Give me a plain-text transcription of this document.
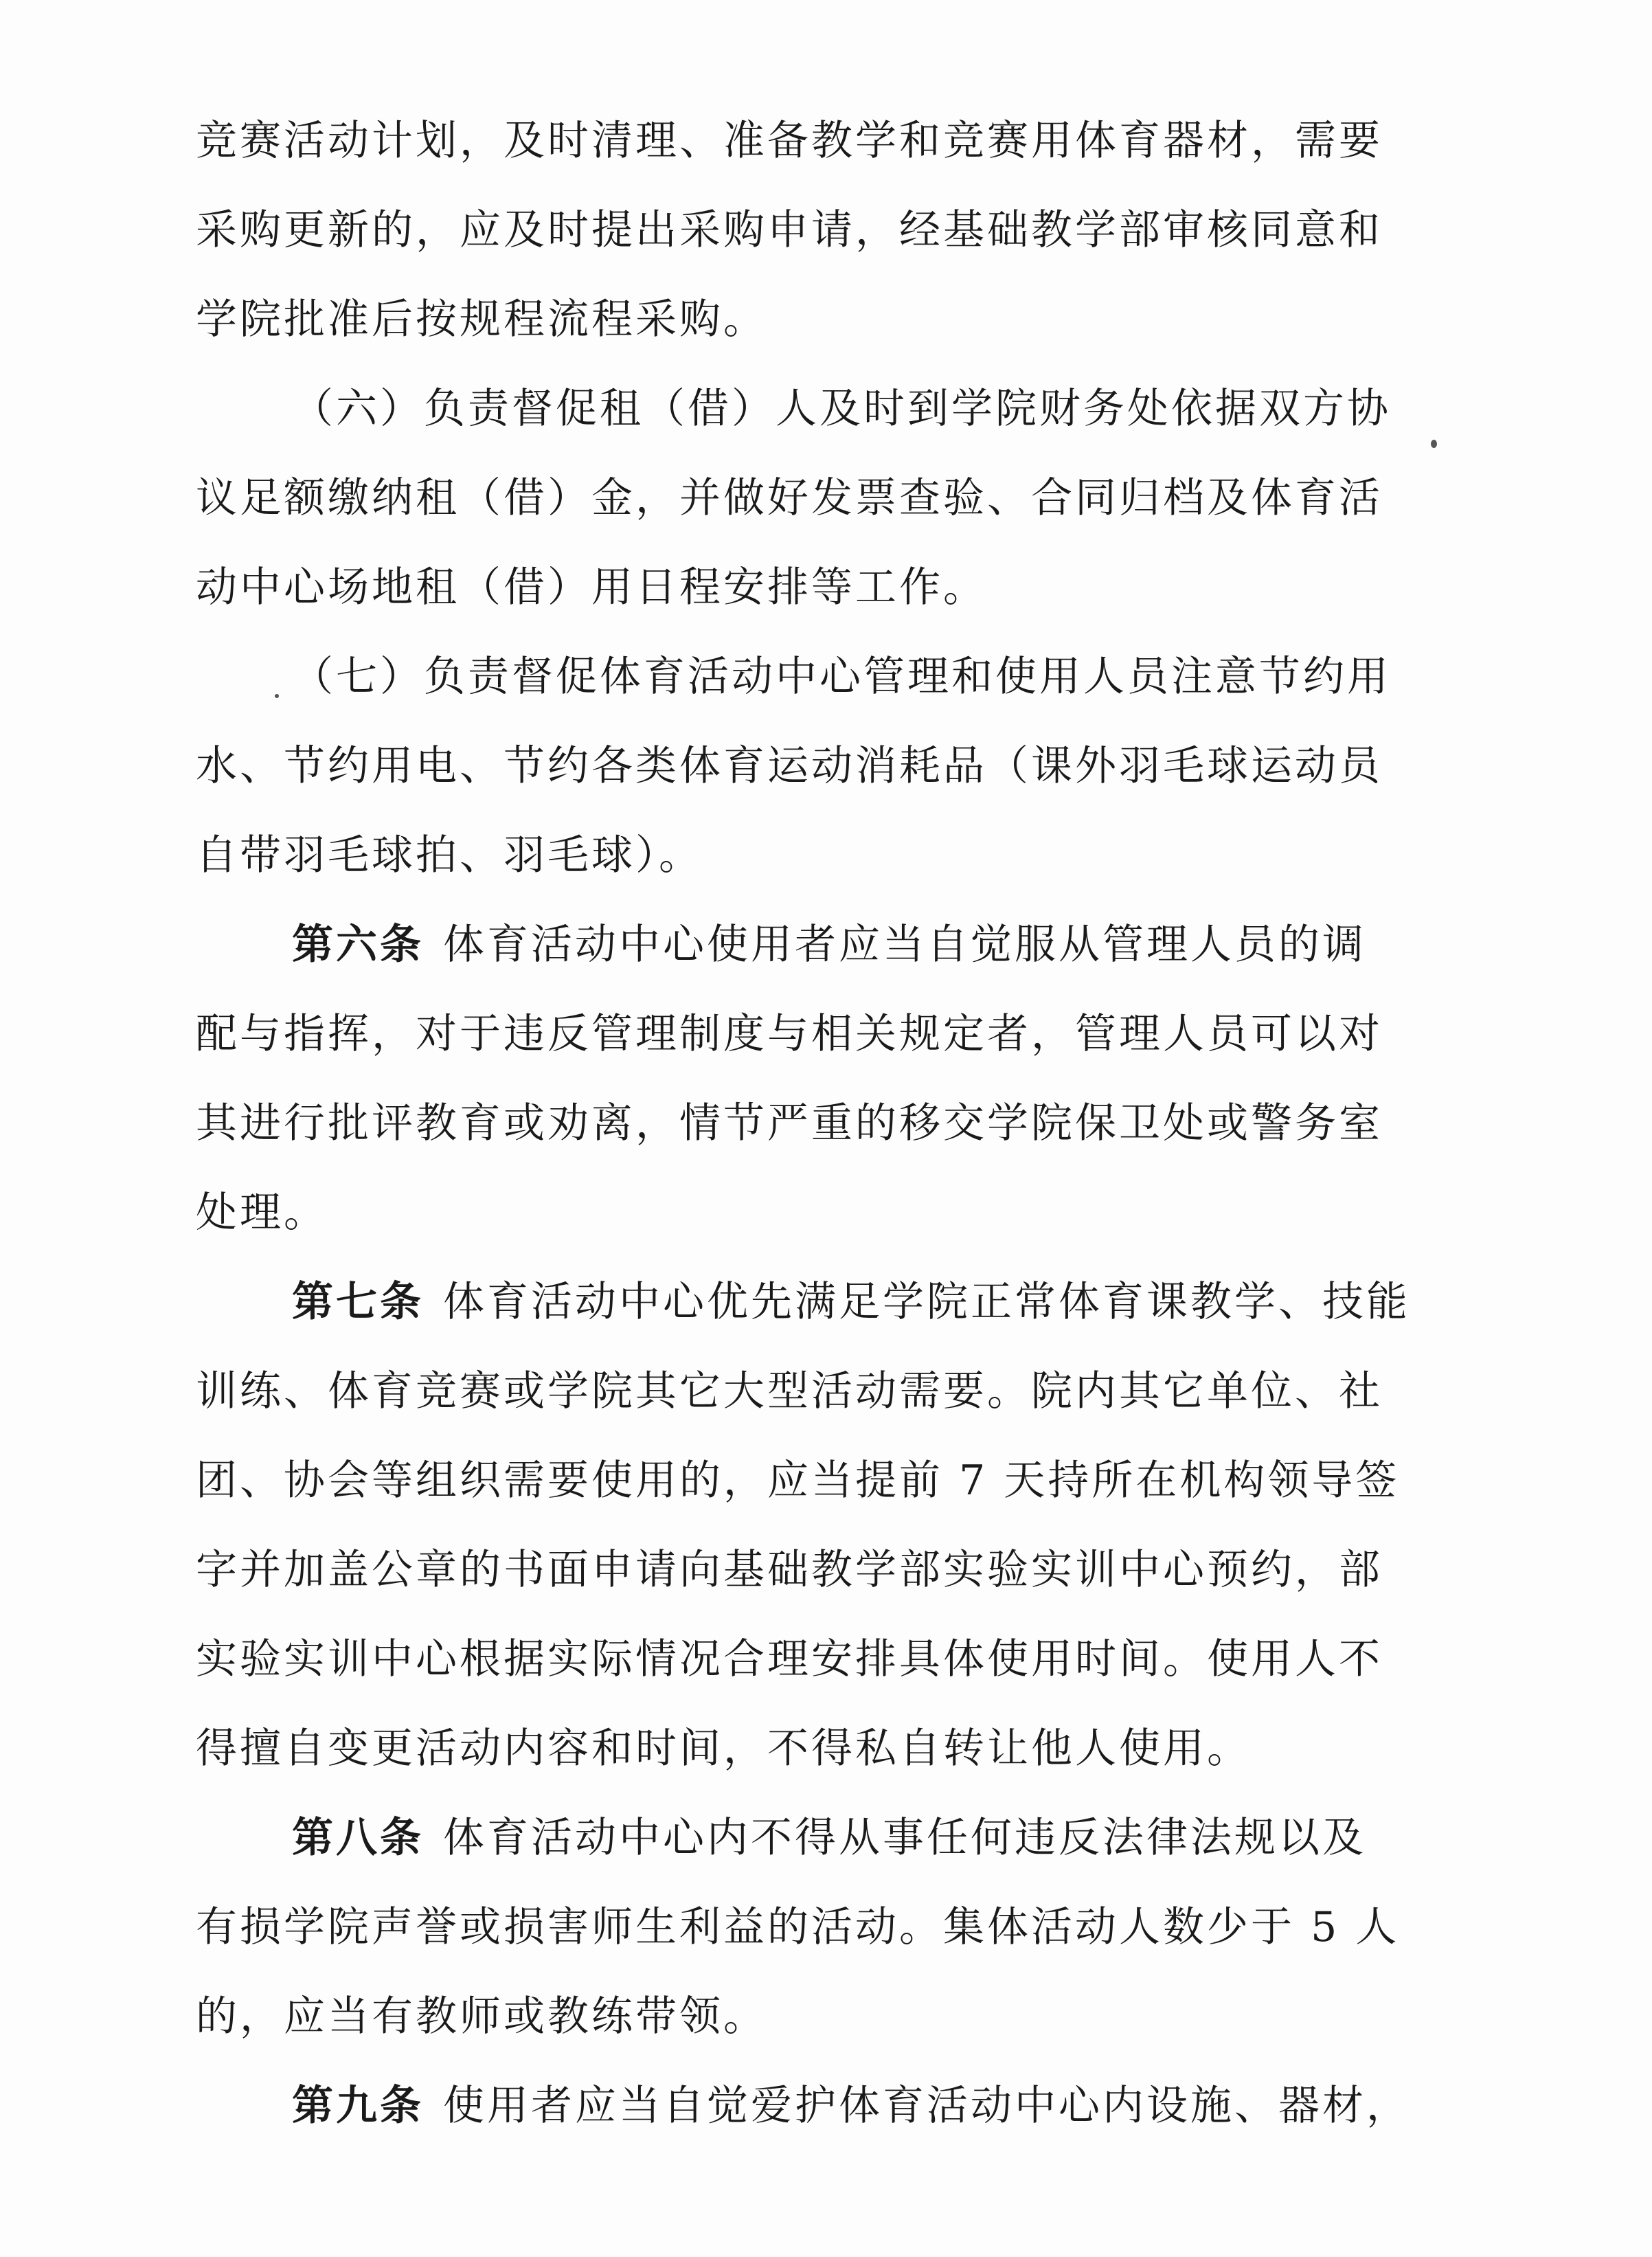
竞赛活动计划，及时清理、准备教学和竞赛用体育器材，需要
采购更新的，应及时提出采购申请，经基础教学部审核同意和
学院批准后按规程流程采购。
（六）负责督促租（借）人及时到学院财务处依据双方协
议足额缴纳租（借）金，并做好发票查验、合同归档及体育活
动中心场地租（借）用日程安排等工作。
（七）负责督促体育活动中心管理和使用人员注意节约用
水、节约用电、节约各类体育运动消耗品（课外羽毛球运动员
自带羽毛球拍、羽毛球）。
第六条 体育活动中心使用者应当自觉服从管理人员的调
配与指挥，对于违反管理制度与相关规定者，管理人员可以对
其进行批评教育或劝离，情节严重的移交学院保卫处或警务室
处理。
第七条 体育活动中心优先满足学院正常体育课教学、技能
训练、体育竞赛或学院其它大型活动需要。院内其它单位、社
团、协会等组织需要使用的，应当提前 7 天持所在机构领导签
字并加盖公章的书面申请向基础教学部实验实训中心预约，部
实验实训中心根据实际情况合理安排具体使用时间。使用人不
得擅自变更活动内容和时间，不得私自转让他人使用。
第八条 体育活动中心内不得从事任何违反法律法规以及
有损学院声誉或损害师生利益的活动。集体活动人数少于 5 人
的，应当有教师或教练带领。
第九条 使用者应当自觉爱护体育活动中心内设施、器材，
